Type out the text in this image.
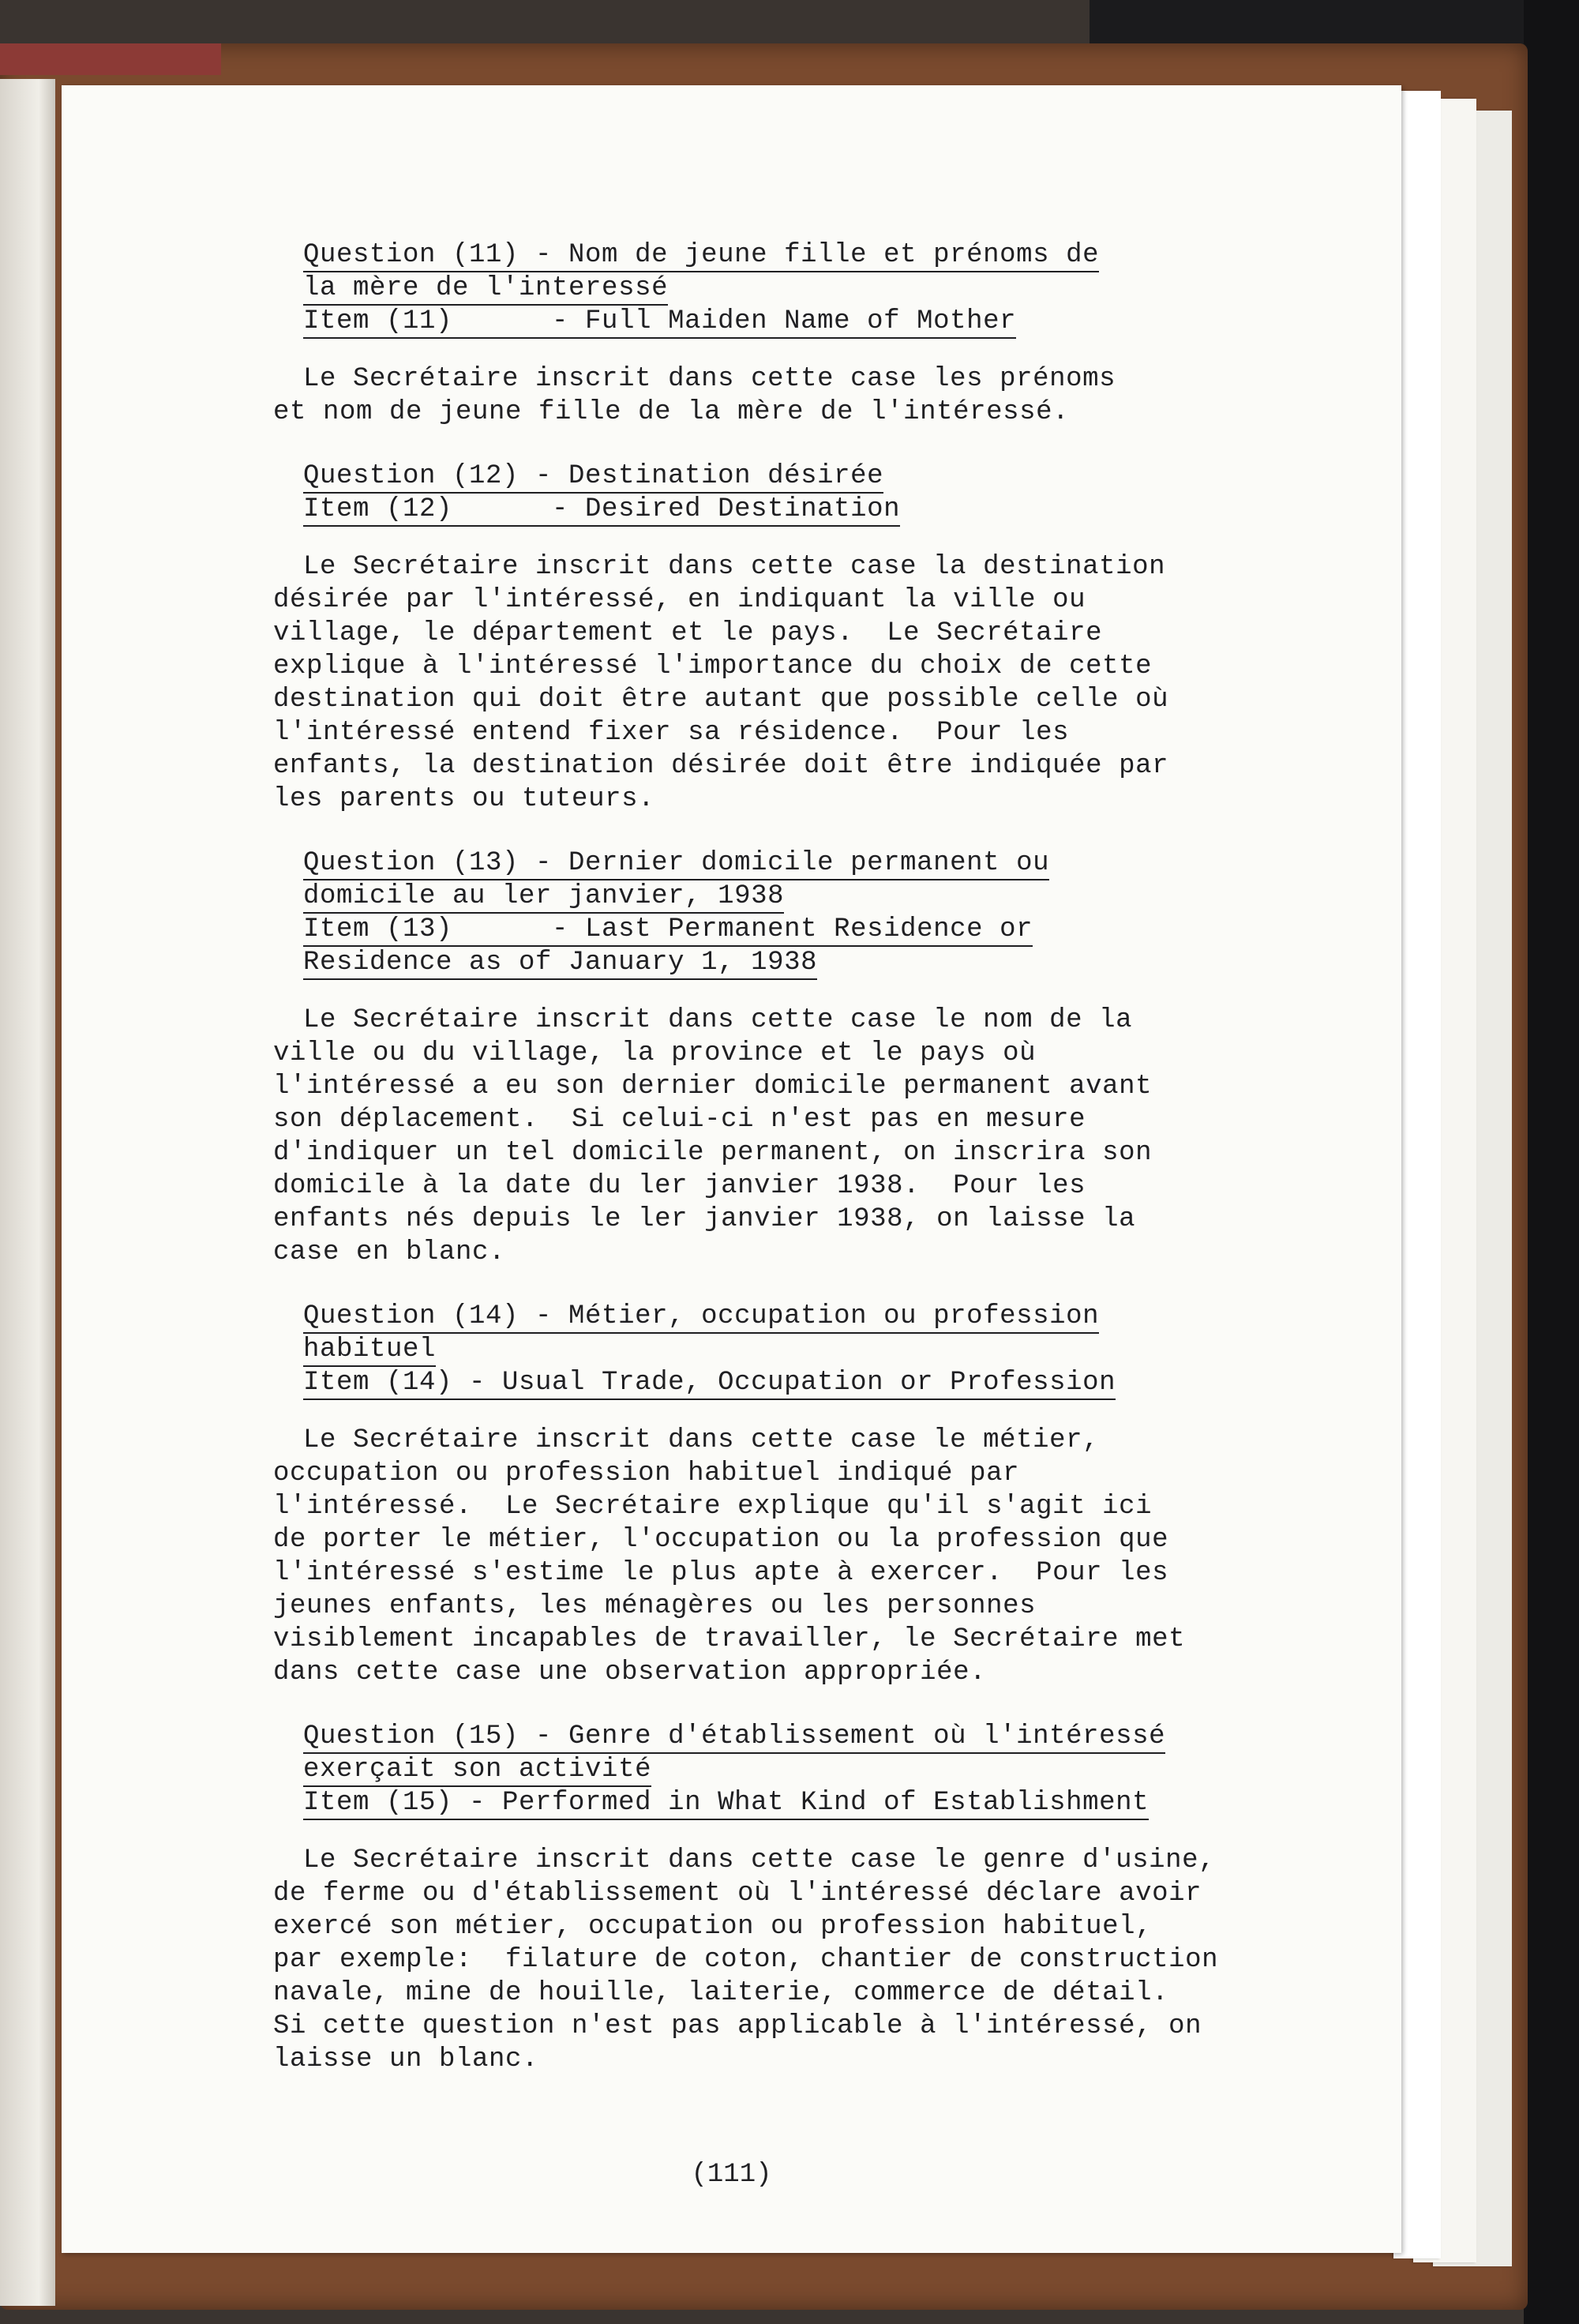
Question (11) - Nom de jeune fille et prénoms de
la mère de l'interessé
Item (11)      - Full Maiden Name of Mother
Le Secrétaire inscrit dans cette case les prénoms
et nom de jeune fille de la mère de l'intéressé.
Question (12) - Destination désirée
Item (12)      - Desired Destination
Le Secrétaire inscrit dans cette case la destination
désirée par l'intéressé, en indiquant la ville ou
village, le département et le pays.  Le Secrétaire
explique à l'intéressé l'importance du choix de cette
destination qui doit être autant que possible celle où
l'intéressé entend fixer sa résidence.  Pour les
enfants, la destination désirée doit être indiquée par
les parents ou tuteurs.
Question (13) - Dernier domicile permanent ou
domicile au ler janvier, 1938
Item (13)      - Last Permanent Residence or
Residence as of January 1, 1938
Le Secrétaire inscrit dans cette case le nom de la
ville ou du village, la province et le pays où
l'intéressé a eu son dernier domicile permanent avant
son déplacement.  Si celui-ci n'est pas en mesure
d'indiquer un tel domicile permanent, on inscrira son
domicile à la date du ler janvier 1938.  Pour les
enfants nés depuis le ler janvier 1938, on laisse la
case en blanc.
Question (14) - Métier, occupation ou profession
habituel
Item (14) - Usual Trade, Occupation or Profession
Le Secrétaire inscrit dans cette case le métier,
occupation ou profession habituel indiqué par
l'intéressé.  Le Secrétaire explique qu'il s'agit ici
de porter le métier, l'occupation ou la profession que
l'intéressé s'estime le plus apte à exercer.  Pour les
jeunes enfants, les ménagères ou les personnes
visiblement incapables de travailler, le Secrétaire met
dans cette case une observation appropriée.
Question (15) - Genre d'établissement où l'intéressé
exerçait son activité
Item (15) - Performed in What Kind of Establishment
Le Secrétaire inscrit dans cette case le genre d'usine,
de ferme ou d'établissement où l'intéressé déclare avoir
exercé son métier, occupation ou profession habituel,
par exemple:  filature de coton, chantier de construction
navale, mine de houille, laiterie, commerce de détail.
Si cette question n'est pas applicable à l'intéressé, on
laisse un blanc.
(111)
